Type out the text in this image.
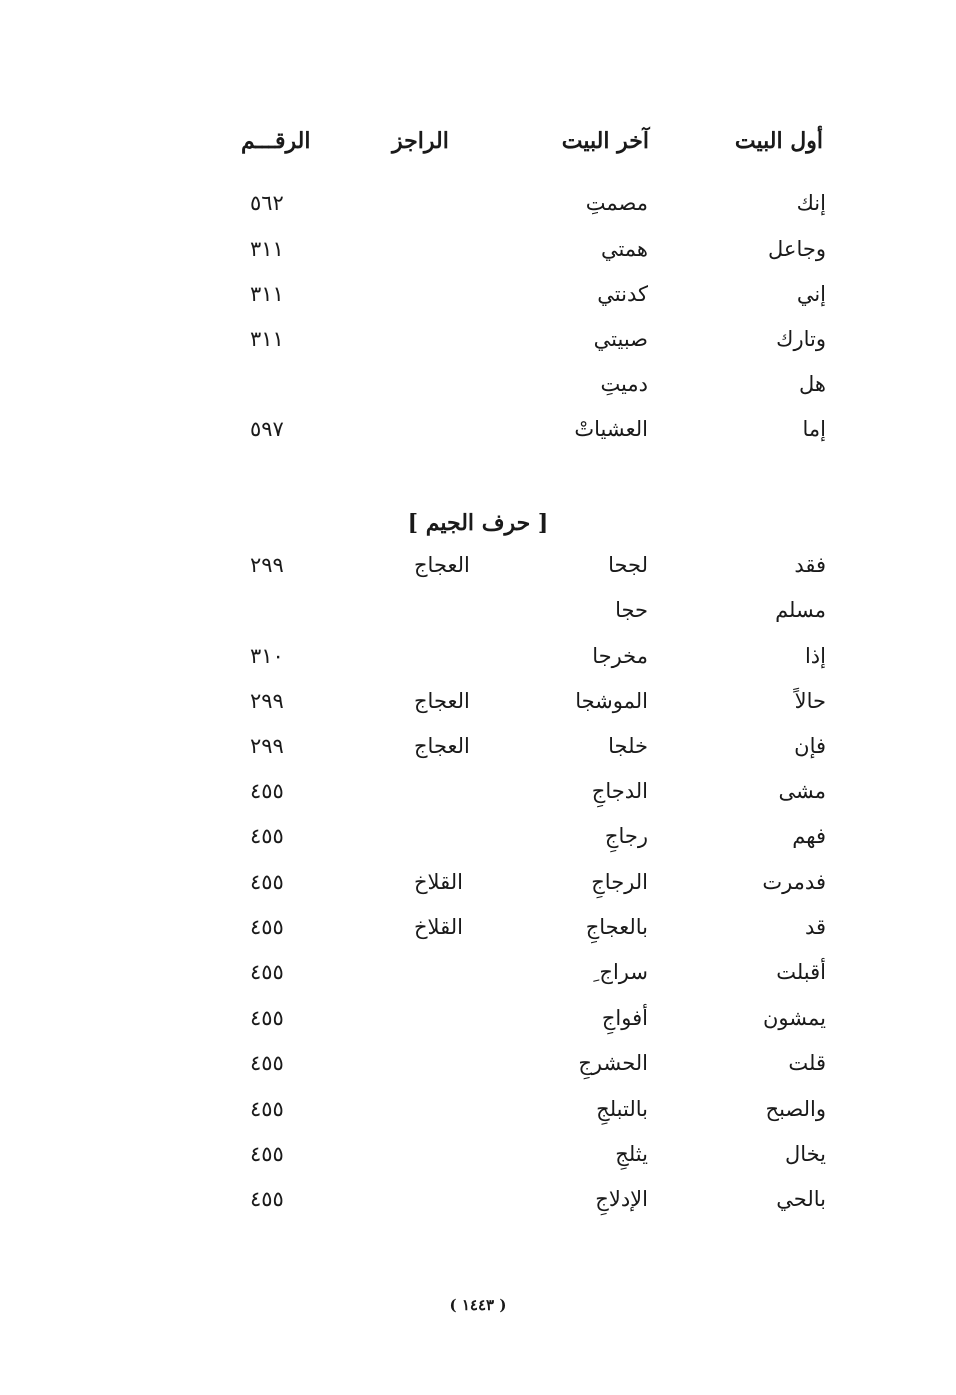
أول البيت
آخر البيت
الراجز
الرقـــم
إنك
مصمتِ
٥٦٢
وجاعل
همتي
٣١١
إني
كدنتي
٣١١
وتارك
صبيتي
٣١١
هل
دميتِ
إما
العشياتْ
٥٩٧
[ حرف الجيم ]
فقد
لجحا
العجاج
٢٩٩
مسلم
حجا
إذا
مخرجا
٣١٠
حالاً
الموشجا
العجاج
٢٩٩
فإن
خلجا
العجاج
٢٩٩
مشى
الدجاجِ
٤٥٥
فهم
رجاجِ
٤٥٥
فدمرت
الرجاجِ
القلاخ
٤٥٥
قد
بالعجاجِ
القلاخ
٤٥٥
أقبلت
سراج ِ
٤٥٥
يمشون
أفواجِ
٤٥٥
قلت
الحشرجِ
٤٥٥
والصبح
بالتبلجِ
٤٥٥
يخال
يثلجِ
٤٥٥
بالحي
الإدلاجِ
٤٥٥
( ١٤٤٣ )
